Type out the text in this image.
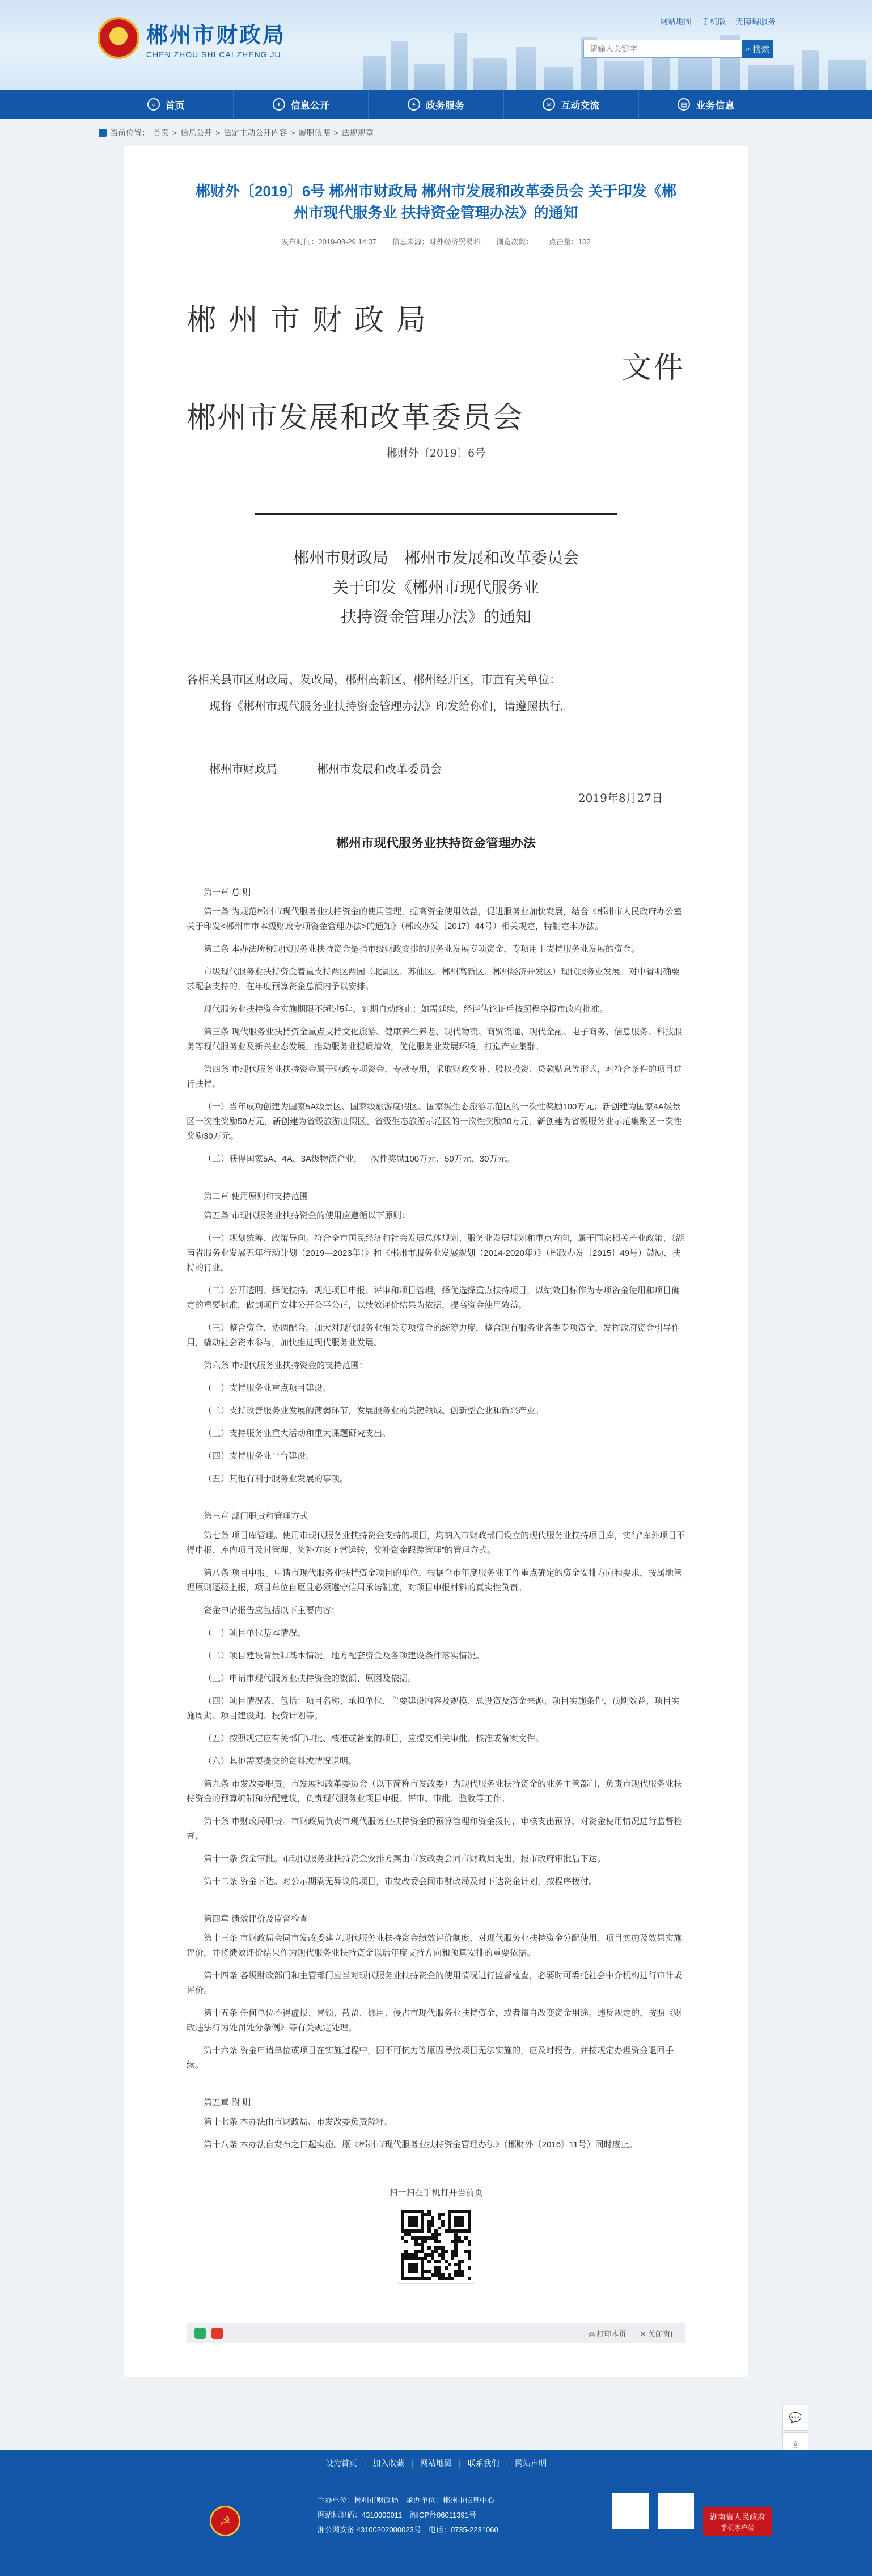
★ 郴州市财政局
CHEN ZHOU SHI CAI ZHENG JU
网站地图 手机版 无障碍服务
请输入关键字
⌕ 搜索
⌂	首页	i	信息公开	✦ 政务服务	✉ 互动交流	▤ 业务信息
当前位置： 首页 > 信息公开 > 法定主动公开内容 > 履职依据 > 法规规章
郴财外〔2019〕6号 郴州市财政局 郴州市发展和改革委员会 关于印发《郴州市现代服务业 扶持资金管理办法》的通知
发布时间：2019-08-29 14:37 信息来源：对外经济贸易科 浏览次数： 点击量：102
郴州市财政局
文件
郴州市发展和改革委员会
郴财外〔2019〕6号
郴州市财政局　郴州市发展和改革委员会
关于印发《郴州市现代服务业
扶持资金管理办法》的通知
各相关县市区财政局、发改局，郴州高新区、郴州经开区，市直有关单位：
现将《郴州市现代服务业扶持资金管理办法》印发给你们，请遵照执行。
郴州市财政局	郴州市发展和改革委员会
2019年8月27日
郴州市现代服务业扶持资金管理办法
第一章 总 则

第一条 为规范郴州市现代服务业扶持资金的使用管理，提高资金使用效益，促进服务业加快发展，结合《郴州市人民政府办公室关于印发<郴州市市本级财政专项资金管理办法>的通知》（郴政办发〔2017〕44号）相关规定，特制定本办法。

第二条 本办法所称现代服务业扶持资金是指市级财政安排的服务业发展专项资金，专项用于支持服务业发展的资金。

市级现代服务业扶持资金着重支持两区两园（北湖区、苏仙区、郴州高新区、郴州经济开发区）现代服务业发展。对中省明确要求配套支持的，在年度预算资金总额内予以安排。

现代服务业扶持资金实施期限不超过5年，到期自动终止；如需延续，经评估论证后按照程序报市政府批准。

第三条 现代服务业扶持资金重点支持文化旅游、健康养生养老、现代物流、商贸流通、现代金融、电子商务、信息服务、科技服务等现代服务业及新兴业态发展，推动服务业提质增效，优化服务业发展环境，打造产业集群。

第四条 市现代服务业扶持资金属于财政专项资金，专款专用，采取财政奖补、股权投资、贷款贴息等形式，对符合条件的项目进行扶持。

（一）当年成功创建为国家5A级景区、国家级旅游度假区、国家级生态旅游示范区的一次性奖励100万元；新创建为国家4A级景区一次性奖励50万元，新创建为省级旅游度假区、省级生态旅游示范区的一次性奖励30万元，新创建为省级服务业示范集聚区一次性奖励30万元。

（二）获得国家5A、4A、3A级物流企业，一次性奖励100万元、50万元、30万元。

第二章 使用原则和支持范围

第五条 市现代服务业扶持资金的使用应遵循以下原则：

（一）规划统筹、政策导向。符合全市国民经济和社会发展总体规划、服务业发展规划和重点方向，属于国家相关产业政策、《湖南省服务业发展五年行动计划（2019—2023年）》和《郴州市服务业发展规划（2014-2020年）》（郴政办发〔2015〕49号）鼓励、扶持的行业。

（二）公开透明、择优扶持。规范项目申报、评审和项目管理，择优选择重点扶持项目，以绩效目标作为专项资金使用和项目确定的重要标准，做到项目安排公开公平公正，以绩效评价结果为依据，提高资金使用效益。

（三）整合资金、协调配合。加大对现代服务业相关专项资金的统筹力度，整合现有服务业各类专项资金，发挥政府资金引导作用，撬动社会资本参与，加快推进现代服务业发展。

第六条 市现代服务业扶持资金的支持范围：

（一）支持服务业重点项目建设。

（二）支持改善服务业发展的薄弱环节，发展服务业的关键领域、创新型企业和新兴产业。

（三）支持服务业重大活动和重大课题研究支出。

（四）支持服务业平台建设。

（五）其他有利于服务业发展的事项。

第三章 部门职责和管理方式

第七条 项目库管理。使用市现代服务业扶持资金支持的项目，均纳入市财政部门设立的现代服务业扶持项目库，实行“库外项目不得申报、库内项目及时管理、奖补方案正常运转，奖补资金跟踪管理”的管理方式。

第八条 项目申报。申请市现代服务业扶持资金项目的单位，根据全市年度服务业工作重点确定的资金安排方向和要求，按属地管理原则逐级上报，项目单位自愿且必须遵守信用承诺制度，对项目申报材料的真实性负责。

资金申请报告应包括以下主要内容：

（一）项目单位基本情况。

（二）项目建设背景和基本情况，地方配套资金及各项建设条件落实情况。

（三）申请市现代服务业扶持资金的数额、原因及依据。

（四）项目情况表，包括：项目名称、承担单位、主要建设内容及规模、总投资及资金来源、项目实施条件、预期效益、项目实施周期、项目建设期、投资计划等。

（五）按照规定应有关部门审批、核准或备案的项目，应提交相关审批、核准或备案文件。

（六）其他需要提交的资料或情况说明。

第九条 市发改委职责。市发展和改革委员会（以下简称市发改委）为现代服务业扶持资金的业务主管部门，负责市现代服务业扶持资金的预算编制和分配建议，负责现代服务业项目申报、评审、审批、验收等工作。

第十条 市财政局职责。市财政局负责市现代服务业扶持资金的预算管理和资金拨付，审核支出预算，对资金使用情况进行监督检查。

第十一条 资金审批。市现代服务业扶持资金安排方案由市发改委会同市财政局提出，报市政府审批后下达。

第十二条 资金下达。对公示期满无异议的项目，市发改委会同市财政局及时下达资金计划，按程序拨付。

第四章 绩效评价及监督检查

第十三条 市财政局会同市发改委建立现代服务业扶持资金绩效评价制度，对现代服务业扶持资金分配使用、项目实施及效果实施评价，并将绩效评价结果作为现代服务业扶持资金以后年度支持方向和预算安排的重要依据。

第十四条 各级财政部门和主管部门应当对现代服务业扶持资金的使用情况进行监督检查，必要时可委托社会中介机构进行审计或评价。

第十五条 任何单位不得虚报、冒领、截留、挪用、侵占市现代服务业扶持资金，或者擅自改变资金用途。违反规定的，按照《财政违法行为处罚处分条例》等有关规定处理。

第十六条 资金申请单位或项目在实施过程中，因不可抗力等原因导致项目无法实施的，应及时报告，并按规定办理资金退回手续。

第五章 附 则

第十七条 本办法由市财政局、市发改委负责解释。

第十八条 本办法自发布之日起实施。原《郴州市现代服务业扶持资金管理办法》（郴财外〔2016〕11号）同时废止。

扫一扫在手机打开当前页
⎙ 打印本页 ✕ 关闭窗口
💬
⇪
设为首页 | 加入收藏 | 网站地图 | 联系我们 | 网站声明
☭
主办单位：郴州市财政局　承办单位：郴州市信息中心
网站标识码：4310000011　湘ICP备06011391号
湘公网安备 43100202000023号　电话：0735-2231060
湖南省人民政府
手机客户端
